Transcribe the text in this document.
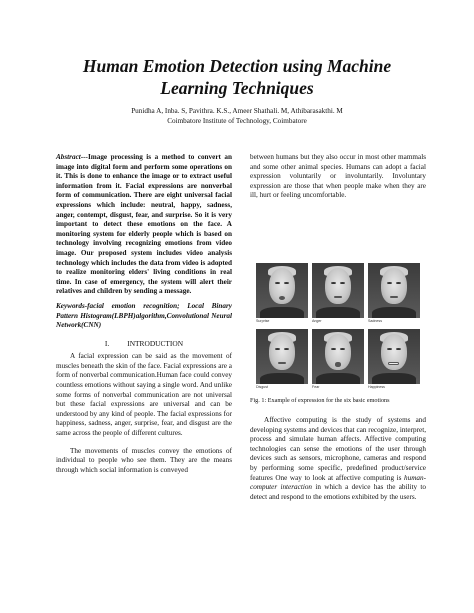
Human Emotion Detection using Machine
Learning Techniques
Punidha A, Inba. S, Pavithra. K.S., Ameer Shathali. M, Athibarasakthi. M
Coimbatore Institute of Technology, Coimbatore

Abstract---Image processing is a method to convert an image into digital form and perform some operations on it. This is done to enhance the image or to extract useful information from it. Facial expressions are nonverbal form of communication. There are eight universal facial expressions which include: neutral, happy, sadness, anger, contempt, disgust, fear, and surprise. So it is very important to detect these emotions on the face. A monitoring system for elderly people which is based on technology involving recognizing emotions from video image. Our proposed system includes video analysis technology which includes the data from video is adopted to realize monitoring elders' living conditions in real time. In case of emergency, the system will alert their relatives and children by sending a message.

Keywords-facial emotion recognition; Local Binary Pattern Histogram(LBPH)algorithm,Convolutional Neural Network(CNN)
I. INTRODUCTION

A facial expression can be said as the movement of muscles beneath the skin of the face. Facial expressions are a form of nonverbal communication.Human face could convey countless emotions without saying a single word. And unlike some forms of nonverbal communication are not universal but these facial expressions are universal and can be understood by any kind of people. The facial expressions for happiness, sadness, anger, surprise, fear, and disgust are the same across the people of different cultures.

The movements of muscles convey the emotions of individual to people who see them. They are the means through which social information is conveyed

between humans but they also occur in most other mammals and some other animal species. Humans can adopt a facial expression voluntarily or involuntarily. Involuntary expression are those that when people make when they are ill, hurt or feeling uncomfortable.

Surprise	Anger	Sadness
Disgust	Fear	Happiness
Fig. 1: Example of expression for the six basic emotions

Affective computing is the study of systems and developing systems and devices that can recognize, interpret, process and simulate human affects. Affective computing technologies can sense the emotions of the user through devices such as sensors, microphone, cameras and respond by performing some specific, predefined product/service features One way to look at affective computing is human-computer interaction in which a device has the ability to detect and respond to the emotions exhibited by the users.
